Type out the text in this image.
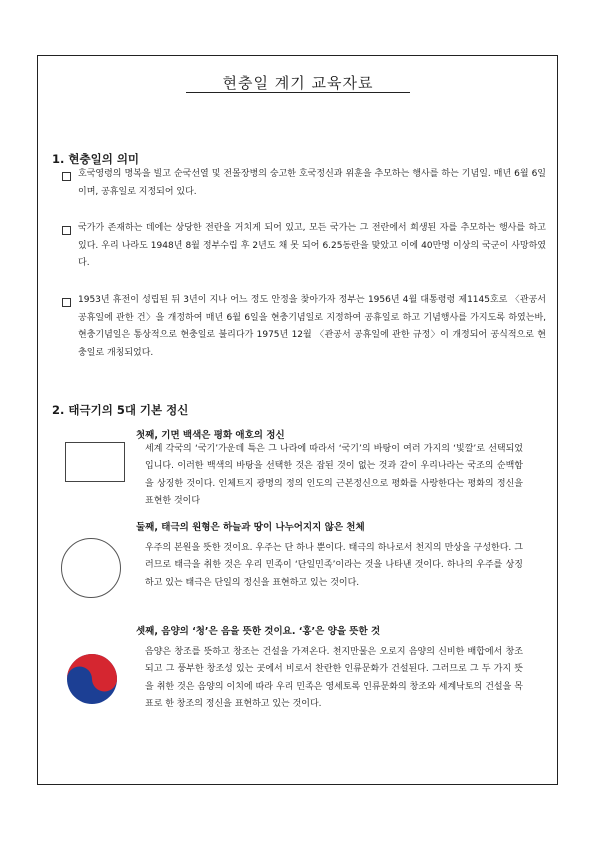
현충일 계기 교육자료
1. 현충일의 의미

호국영령의 명복을 빌고 순국선열 및 전몰장병의 숭고한 호국정신과 위훈을 추모하는 행사를 하는 기념일. 매년 6월 6일이며, 공휴일로 지정되어 있다.

국가가 존재하는 데에는 상당한 전란을 거치게 되어 있고, 모든 국가는 그 전란에서 희생된 자를 추모하는 행사를 하고 있다. 우리 나라도 1948년 8월 정부수립 후 2년도 채 못 되어 6.25동란을 맞았고 이에 40만명 이상의 국군이 사망하였다.

1953년 휴전이 성립된 뒤 3년이 지나 어느 정도 안정을 찾아가자 정부는 1956년 4월 대통령령 제1145호로 〈관공서 공휴일에 관한 건〉을 개정하여 매년 6월 6일을 현충기념일로 지정하여 공휴일로 하고 기념행사를 가지도록 하였는바, 현충기념일은 통상적으로 현충일로 불리다가 1975년 12월 〈관공서 공휴일에 관한 규정〉이 개정되어 공식적으로 현충일로 개칭되었다.

2. 태극기의 5대 기본 정신
첫째, 기면 백색은 평화 애호의 정신

세계 각국의 ‘국기’가운데 특은 그 나라에 따라서 ‘국기’의 바탕이 여러 가지의 ‘빛깔’로 선택되었입니다. 이러한 백색의 바탕을 선택한 것은 잡된 것이 없는 것과 같이 우리나라는 국조의 순백함을 상징한 것이다. 인체트지 광명의 정의 인도의 근본정신으로 평화를 사랑한다는 평화의 정신을 표현한 것이다

둘째, 태극의 원형은 하늘과 땅이 나누어지지 않은 천체

우주의 본원을 뜻한 것이요. 우주는 단 하나 뿐이다. 태극의 하나로서 천지의 만상을 구성한다. 그러므로 태극을 취한 것은 우리 민족이 ‘단일민족’이라는 것을 나타낸 것이다. 하나의 우주를 상징하고 있는 태극은 단일의 정신을 표현하고 있는 것이다.

셋째, 음양의 ‘청’은 음을 뜻한 것이요. ‘홍’은 양을 뜻한 것

음양은 창조를 뜻하고 창조는 건설을 가져온다. 천지만물은 오로지 음양의 신비한 배합에서 창조되고 그 풍부한 창조성 있는 곳에서 비로서 찬란한 인류문화가 건설된다. 그러므로 그 두 가지 뜻을 취한 것은 음양의 이치에 따라 우리 민족은 영세토록 인류문화의 창조와 세계낙토의 건설을 목표로 한 창조의 정신을 표현하고 있는 것이다.
